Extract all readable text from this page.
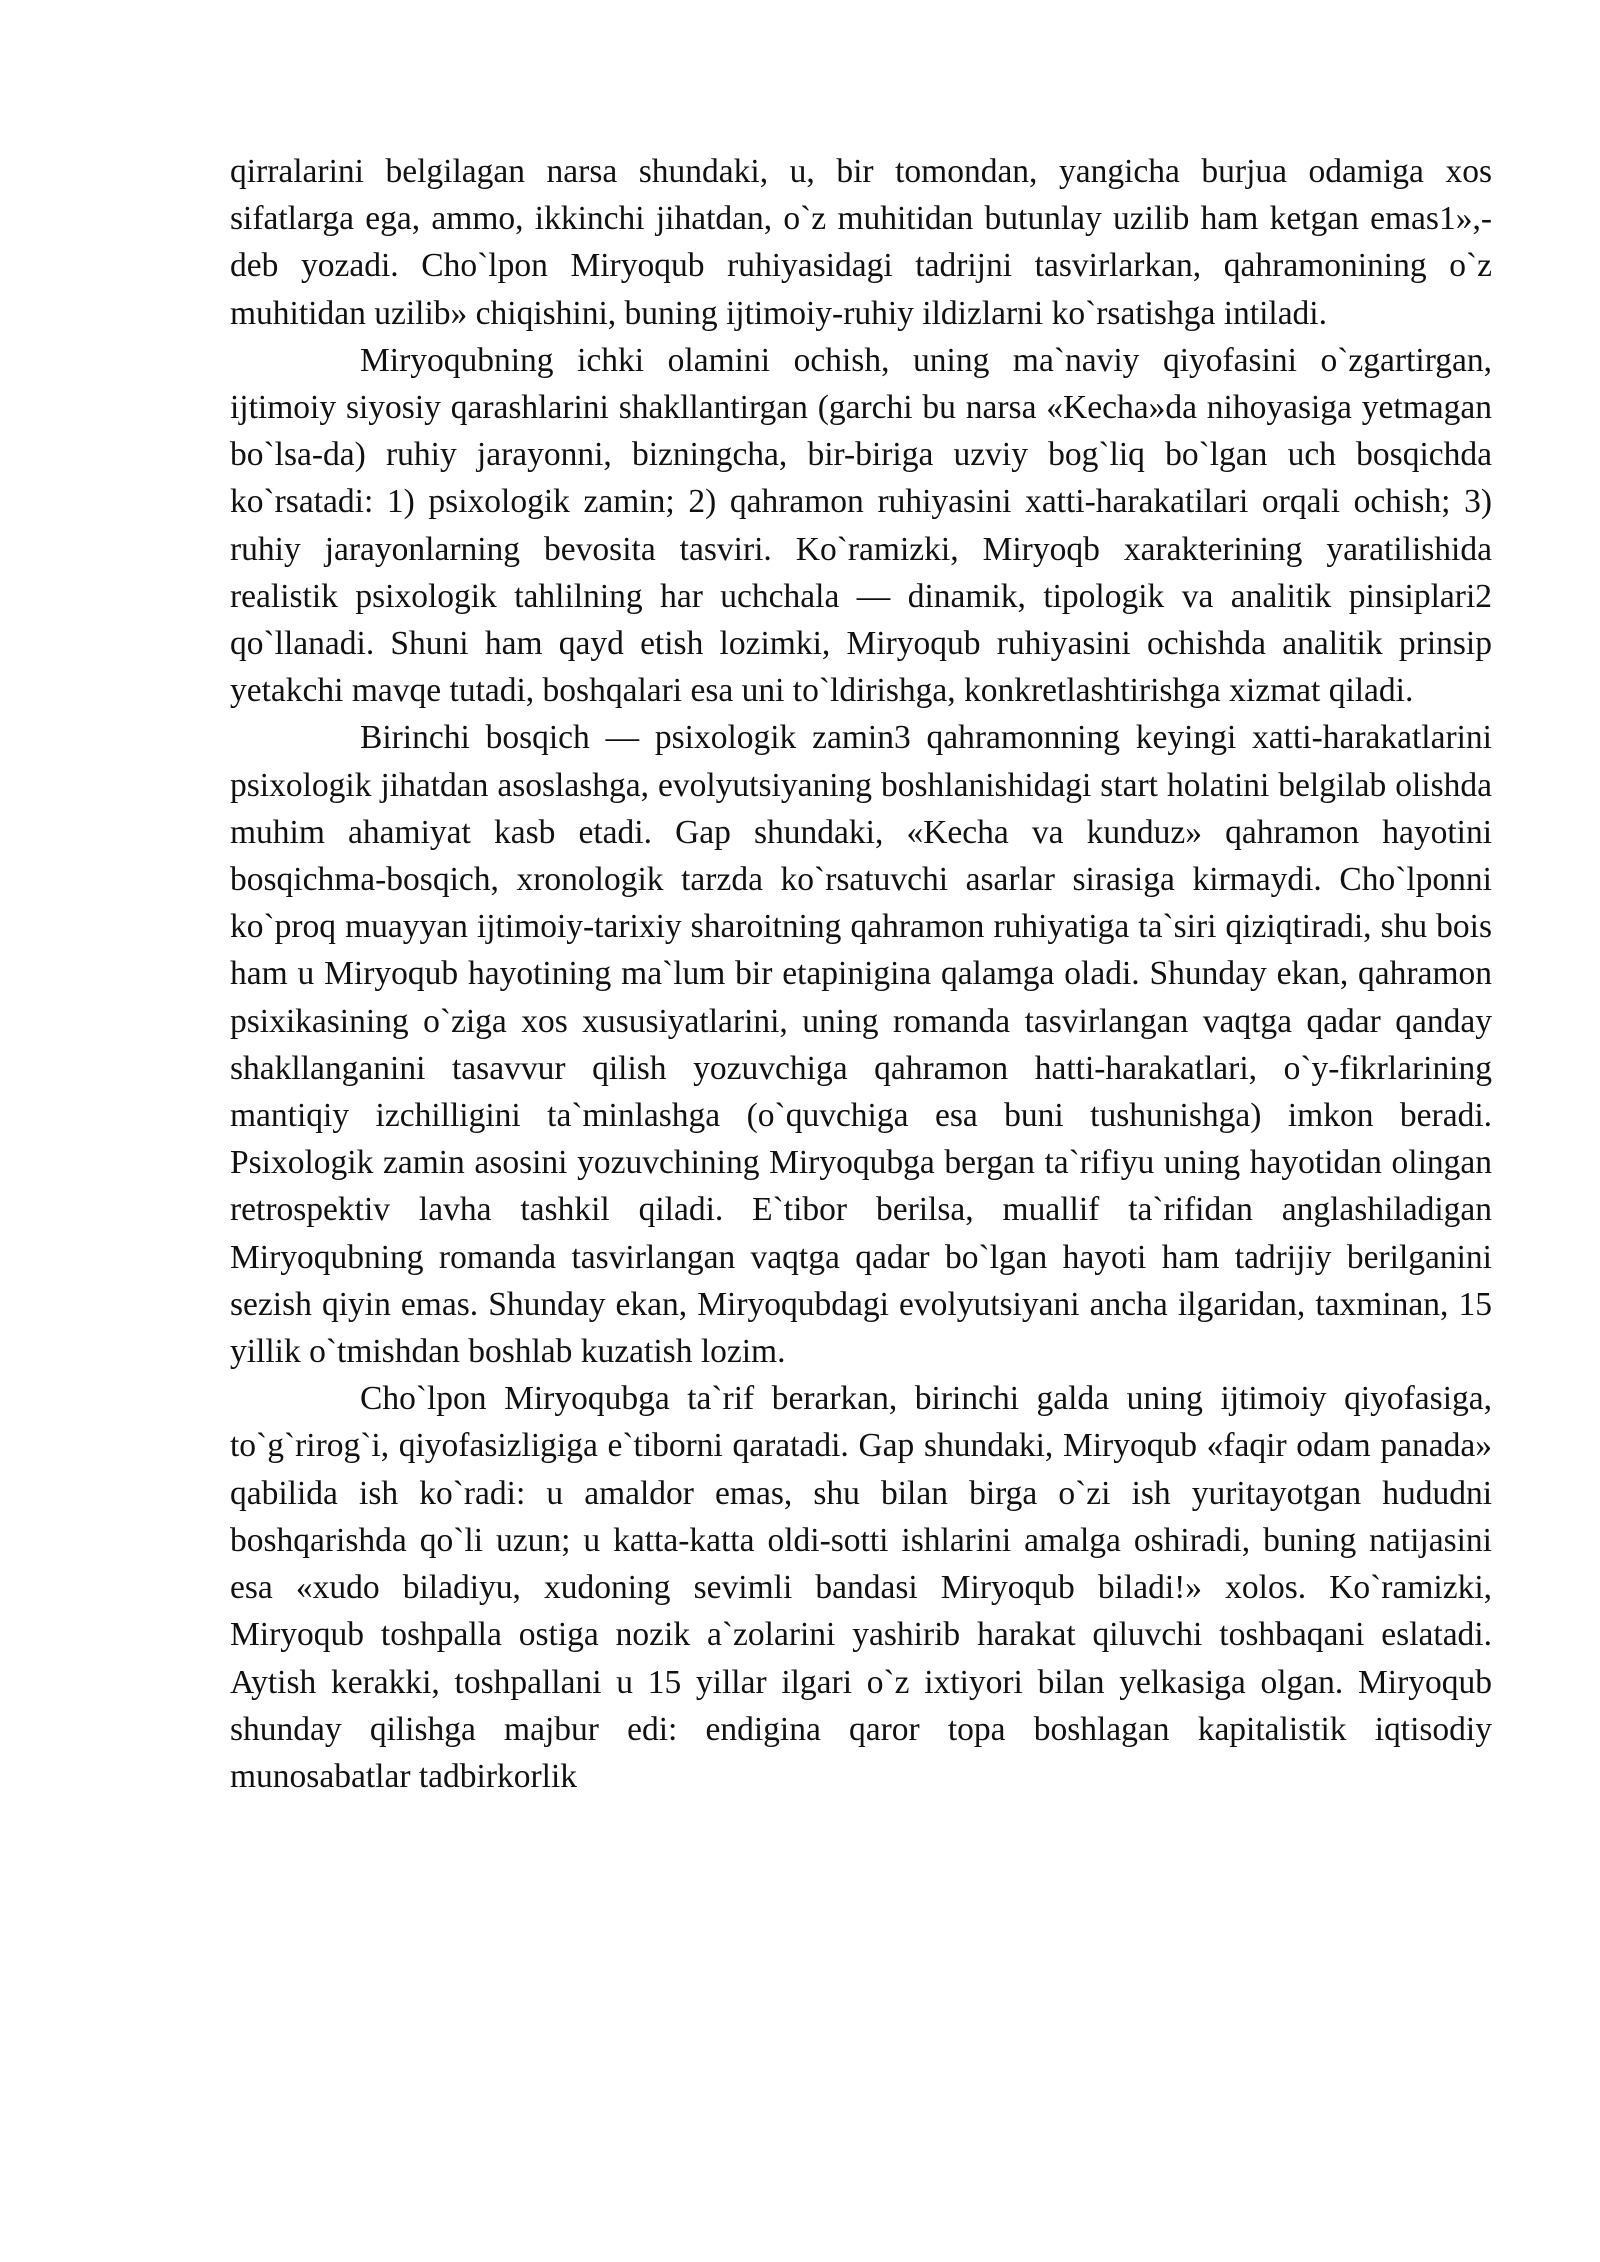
qirralarini belgilagan narsa shundaki, u, bir tomondan, yangicha burjua odamiga xos sifatlarga ega, ammo, ikkinchi jihatdan, o`z muhitidan butunlay uzilib ham ketgan emas1»,-deb yozadi. Cho`lpon Miryoqub ruhiyasidagi tadrijni tasvirlarkan, qahramonining o`z muhitidan uzilib» chiqishini, buning ijtimoiy-ruhiy ildizlarni ko`rsatishga intiladi.

Miryoqubning ichki olamini ochish, uning ma`naviy qiyofasini o`zgartirgan, ijtimoiy siyosiy qarashlarini shakllantirgan (garchi bu narsa «Kecha»da nihoyasiga yetmagan bo`lsa-da) ruhiy jarayonni, bizningcha, bir-biriga uzviy bog`liq bo`lgan uch bosqichda ko`rsatadi: 1) psixologik zamin; 2) qahramon ruhiyasini xatti-harakatilari orqali ochish; 3) ruhiy jarayonlarning bevosita tasviri. Ko`ramizki, Miryoqb xarakterining yaratilishida realistik psixologik tahlilning har uchchala — dinamik, tipologik va analitik pinsiplari2 qo`llanadi. Shuni ham qayd etish lozimki, Miryoqub ruhiyasini ochishda analitik prinsip yetakchi mavqe tutadi, boshqalari esa uni to`ldirishga, konkretlashtirishga xizmat qiladi.

Birinchi bosqich — psixologik zamin3 qahramonning keyingi xatti-harakatlarini psixologik jihatdan asoslashga, evolyutsiyaning boshlanishidagi start holatini belgilab olishda muhim ahamiyat kasb etadi. Gap shundaki, «Kecha va kunduz» qahramon hayotini bosqichma-bosqich, xronologik tarzda ko`rsatuvchi asarlar sirasiga kirmaydi. Cho`lponni ko`proq muayyan ijtimoiy-tarixiy sharoitning qahramon ruhiyatiga ta`siri qiziqtiradi, shu bois ham u Miryoqub hayotining ma`lum bir etapinigina qalamga oladi. Shunday ekan, qahramon psixikasining o`ziga xos xususiyatlarini, uning romanda tasvirlangan vaqtga qadar qanday shakllanganini tasavvur qilish yozuvchiga qahramon hatti-harakatlari, o`y-fikrlarining mantiqiy izchilligini ta`minlashga (o`quvchiga esa buni tushunishga) imkon beradi. Psixologik zamin asosini yozuvchining Miryoqubga bergan ta`rifiyu uning hayotidan olingan retrospektiv lavha tashkil qiladi. E`tibor berilsa, muallif ta`rifidan anglashiladigan Miryoqubning romanda tasvirlangan vaqtga qadar bo`lgan hayoti ham tadrijiy berilganini sezish qiyin emas. Shunday ekan, Miryoqubdagi evolyutsiyani ancha ilgaridan, taxminan, 15 yillik o`tmishdan boshlab kuzatish lozim.

Cho`lpon Miryoqubga ta`rif berarkan, birinchi galda uning ijtimoiy qiyofasiga, to`g`rirog`i, qiyofasizligiga e`tiborni qaratadi. Gap shundaki, Miryoqub «faqir odam panada» qabilida ish ko`radi: u amaldor emas, shu bilan birga o`zi ish yuritayotgan hududni boshqarishda qo`li uzun; u katta-katta oldi-sotti ishlarini amalga oshiradi, buning natijasini esa «xudo biladiyu, xudoning sevimli bandasi Miryoqub biladi!» xolos. Ko`ramizki, Miryoqub toshpalla ostiga nozik a`zolarini yashirib harakat qiluvchi toshbaqani eslatadi. Aytish kerakki, toshpallani u 15 yillar ilgari o`z ixtiyori bilan yelkasiga olgan. Miryoqub shunday qilishga majbur edi: endigina qaror topa boshlagan kapitalistik iqtisodiy munosabatlar tadbirkorlik
